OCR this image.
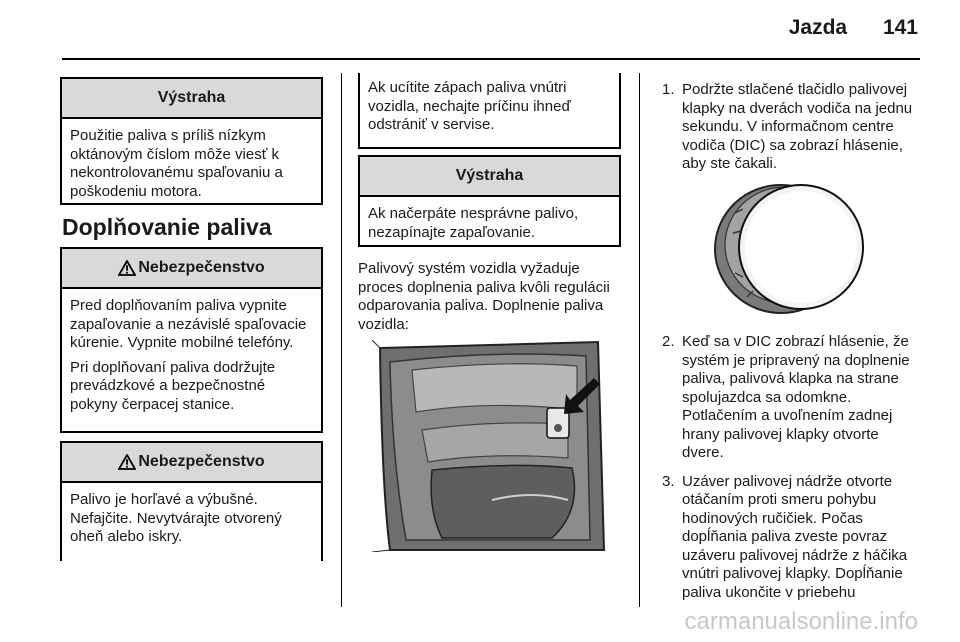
Jazda 141
Výstraha

Použitie paliva s príliš nízkym oktánovým číslom môže viesť k nekontrolovanému spaľovaniu a poškodeniu motora.

Doplňovanie paliva
Nebezpečenstvo

Pred doplňovaním paliva vypnite zapaľovanie a nezávislé spaľovacie kúrenie. Vypnite mobilné telefóny.

Pri doplňovaní paliva dodržujte prevádzkové a bezpečnostné pokyny čerpacej stanice.

Nebezpečenstvo

Palivo je horľavé a výbušné. Nefajčite. Nevytvárajte otvorený oheň alebo iskry.

Ak ucítite zápach paliva vnútri vozidla, nechajte príčinu ihneď odstrániť v servise.

Výstraha

Ak načerpáte nesprávne palivo, nezapínajte zapaľovanie.

Palivový systém vozidla vyžaduje proces doplnenia paliva kvôli regulácii odparovania paliva. Doplnenie paliva vozidla:
1. Podržte stlačené tlačidlo palivovej klapky na dverách vodiča na jednu sekundu. V informačnom centre vodiča (DIC) sa zobrazí hlásenie, aby ste čakali.
2. Keď sa v DIC zobrazí hlásenie, že systém je pripravený na doplnenie paliva, palivová klapka na strane spolujazdca sa odomkne. Potlačením a uvoľnením zadnej hrany palivovej klapky otvorte dvere.
3. Uzáver palivovej nádrže otvorte otáčaním proti smeru pohybu hodinových ručičiek. Počas dopĺňania paliva zveste povraz uzáveru palivovej nádrže z háčika vnútri palivovej klapky. Dopĺňanie paliva ukončite v priebehu
carmanualsonline.info
